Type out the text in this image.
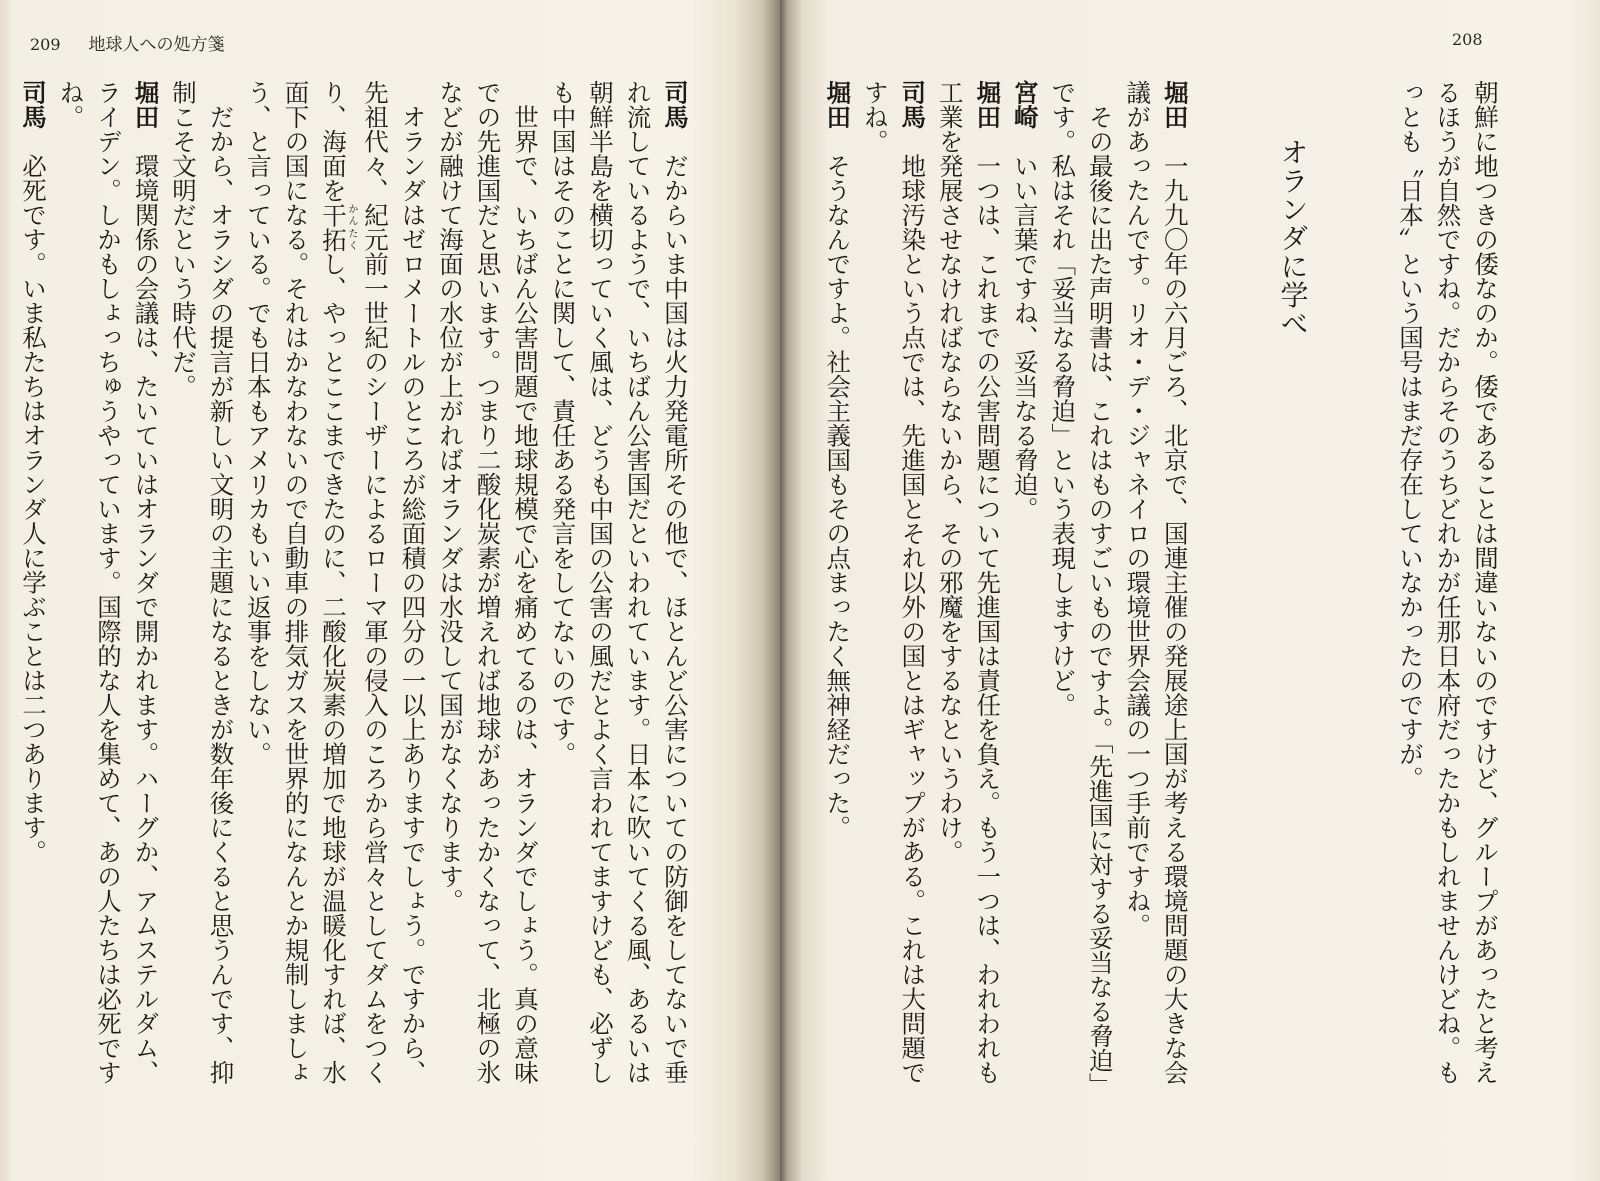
209 地球人への処方箋
司馬だからいま中国は火力発電所その他で、ほとんど公害についての防御をしてないで垂
れ流しているようで、いちばん公害国だといわれています。日本に吹いてくる風、あるいは
朝鮮半島を横切っていく風は、どうも中国の公害の風だとよく言われてますけども、必ずし
も中国はそのことに関して、責任ある発言をしてないのです。
　世界で、いちばん公害問題で地球規模で心を痛めてるのは、オランダでしょう。真の意味
での先進国だと思います。つまり二酸化炭素が増えれば地球があったかくなって、北極の氷
などが融けて海面の水位が上がればオランダは水没して国がなくなります。
　オランダはゼロメートルのところが総面積の四分の一以上ありますでしょう。ですから、
先祖代々、紀元前一世紀のシーザーによるローマ軍の侵入のころから営々としてダムをつく
り、海面を干拓かんたくし、やっとここまできたのに、二酸化炭素の増加で地球が温暖化すれば、水
面下の国になる。それはかなわないので自動車の排気ガスを世界的になんとか規制しましょ
う、と言っている。でも日本もアメリカもいい返事をしない。
　だから、オラシダの提言が新しい文明の主題になるときが数年後にくると思うんです、抑
制こそ文明だという時代だ。
堀田環境関係の会議は、たいていはオランダで開かれます。ハーグか、アムステルダム、
ライデン。しかもしょっちゅうやっています。国際的な人を集めて、あの人たちは必死です
ね。
司馬必死です。いま私たちはオランダ人に学ぶことは二つあります。
208
朝鮮に地つきの倭なのか。倭であることは間違いないのですけど、グループがあったと考え
るほうが自然ですね。だからそのうちどれかが任那日本府だったかもしれませんけどね。も
っとも〝日本〟という国号はまだ存在していなかったのですが。
オランダに学べ
堀田一九九〇年の六月ごろ、北京で、国連主催の発展途上国が考える環境問題の大きな会
議があったんです。リオ・デ・ジャネイロの環境世界会議の一つ手前ですね。
　その最後に出た声明書は、これはものすごいものですよ。「先進国に対する妥当なる脅迫」
です。私はそれ「妥当なる脅迫」という表現しますけど。
宮崎いい言葉ですね、妥当なる脅迫。
堀田一つは、これまでの公害問題について先進国は責任を負え。もう一つは、われわれも
工業を発展させなければならないから、その邪魔をするなというわけ。
司馬地球汚染という点では、先進国とそれ以外の国とはギャップがある。これは大問題で
すね。
堀田そうなんですよ。社会主義国もその点まったく無神経だった。
